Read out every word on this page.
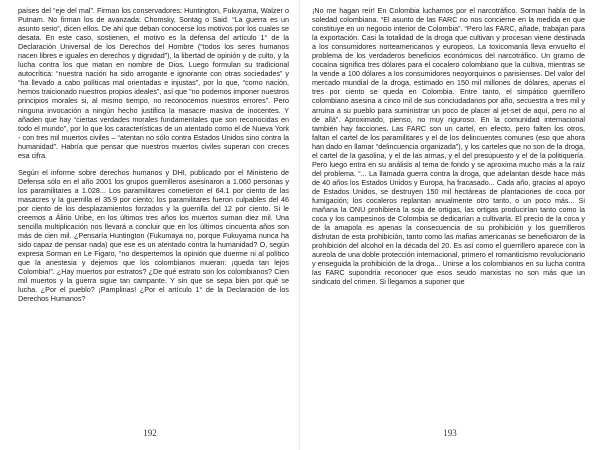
países del “eje del mal”. Firman los conservadores: Huntington, Fukuyama, Walzer o Putnam. No firman los de avanzada: Chomsky, Sontag o Said. “La guerra es un asunto serio”, dicen ellos. De ahí que deban conocerse los motivos por los cuales se desata. En este caso, sostienen, el motivo es la defensa del artículo 1° de la Declaración Universal de los Derechos del Hombre (“todos los seres humanos nacen libres e iguales en derechos y dignidad”), la libertad de opinión y de culto, y la lucha contra los que matan en nombre de Dios. Luego formulan su tradicional autocrítica: “nuestra nación ha sido arrogante e ignorante con otras sociedades” y “ha llevado a cabo políticas mal orientadas e injustas”, por lo que, “como nación, hemos traicionado nuestros propios ideales”, así que “no podemos imponer nuestros principios morales si, al mismo tiempo, no reconocemos nuestros errores”. Pero ninguna invocación a ningún hecho justifica la masacre masiva de inocentes. Y añaden que hay “ciertas verdades morales fundamentales que son reconocidas en todo el mundo”, por lo que los características de un atentado como el de Nueva York - con tres mil muertos civiles – “atentan no sólo contra Estados Unidos sino contra la humanidad”. Habría que pensar que nuestros muertos civiles superan con creces esa cifra.

Según el informe sobre derechos humanos y DHI, publicado por el Ministerio de Defensa sólo en el año 2001 los grupos guerrilleros asesinaron a 1.060 personas y los paramilitares a 1.028... Los paramilitares cometieron el 64.1 por ciento de las masacres y la guerrilla el 35.9 por ciento; los paramilitares fueron culpables del 46 por ciento de los desplazamientos forzados y la guerrilla del 12 por ciento. Si le creemos a Álirio Uribe, en los últimos tres años los muertos suman diez mil. Una sencilla multiplicación nos llevará a concluir que en los últimos cincuenta años son más de cien mil. ¿Pensaría Huntington (Fukumaya no, porque Fukuyama nunca ha sido capaz de pensar nada) que ese es un atentado contra la humanidad? O, según expresa Sorman en Le Figaro, “no despertemos la opinión que duerme ni al político que la anestesia y dejemos que los colombianos mueran: ¡queda tan lejos Colombia!”. ¿Hay muertos por estratos? ¿De qué estrato son los colombianos? Cien mil muertos y la guerra sigue tan campante. Y sin que se sepa bien por qué se lucha. ¿Por el pueblo? ¡Pamplinas! ¿Por el artículo 1° de la Declaración de los Derechos Humanos?

192

¡No me hagan reír! En Colombia luchamos por el narcotráfico. Sorman habla de la soledad colombiana. “El asunto de las FARC no nos concierne en la medida en que constituye en un negocio interior de Colombia”. “Pero las FARC, añade, trabajan para la exportación. Casi la totalidad de la droga que cultivan y procesan viene destinada a los consumidores norteamericanos y europeos. La toxicomanía lleva envuelto el problema de los verdaderos beneficios económicos del narcotráfico. Un gramo de cocaína significa tres dólares para el cocalero colombiano que la cultiva, mientras se la vende a 100 dólares a los consumidores neoyorquinos o parisienses. Del valor del mercado mundial de la droga, estimado en 150 mil millones de dólares, apenas el tres por ciento se queda en Colombia. Entre tanto, el simpático guerrillero colombiano asesina a cinco mil de sus conciudadanos por año, secuestra a tres mil y arruina a su pueblo para suministrar un poco de placer al jet-set de aquí, pero no al de allá”. Aproximado, pienso, no muy riguroso. En la comunidad internacional también hay facciones. Las FARC son un cartel, en efecto, pero falten los otros, faltan el cartel de los paramilitares y el de los delincuentes comunes (eso que ahora han dado en llamar “delincuencia organizada”), y los carteles que no son de la droga, el cartel de la gasolina, y el de las armas, y el del presupuesto y el de la politiquería. Pero luego entra en su análisis al tema de fondo y se aproxima mucho más a la raíz del problema. “... La llamada guerra contra la droga, que adelantan desde hace más de 40 años los Estados Unidos y Europa, ha fracasado... Cada año, gracias al apoyo de Estados Unidos, se destruyen 150 mil hectáreas de plantaciones de coca por fumigación; los cocaleros replantan anualmente otro tanto, o un poco más... Si mañana la ONU prohibiera la soja de ortigas, las ortigas producirían tanto como la coca y los campesinos de Colombia se dedicarían a cultivarla. El precio de la coca y de la amapola es apenas la consecuencia de su prohibición y los guerrilleros disfrutan de esta prohibición, tanto como las mafias americanas se beneficiaron de la prohibición del alcohol en la década del 20. Es así como el guerrillero aparece con la aureola de una doble protección internacional, primero el romanticismo revolucionario y enseguida la prohibición de la droga... Unirse a los colombianos en su lucha contra las FARC supondría reconocer que esos seudo marxistas no son más que un sindicato del crimen. Si llegamos a suponer que

193
